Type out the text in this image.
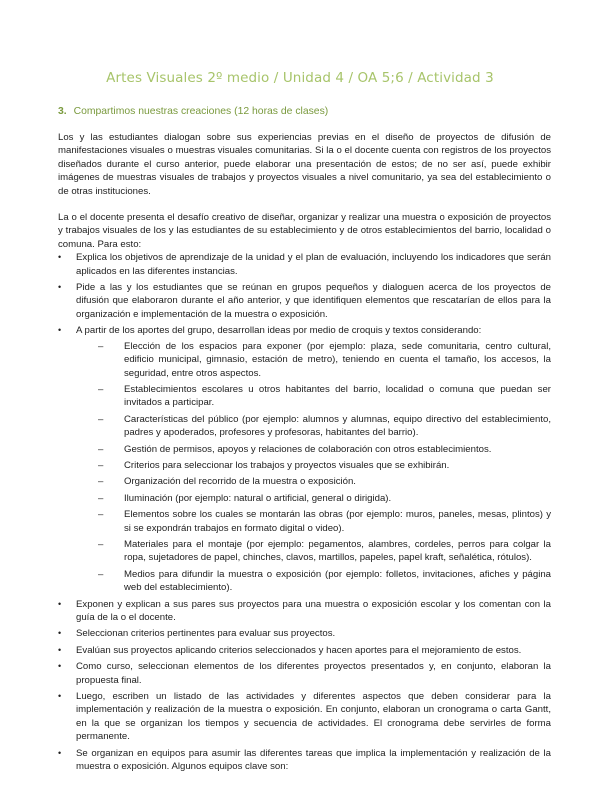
Artes Visuales 2º medio / Unidad 4 / OA 5;6 / Actividad 3
3. Compartimos nuestras creaciones (12 horas de clases)

Los y las estudiantes dialogan sobre sus experiencias previas en el diseño de proyectos de difusión de manifestaciones visuales o muestras visuales comunitarias. Si la o el docente cuenta con registros de los proyectos diseñados durante el curso anterior, puede elaborar una presentación de estos; de no ser así, puede exhibir imágenes de muestras visuales de trabajos y proyectos visuales a nivel comunitario, ya sea del establecimiento o de otras instituciones.

La o el docente presenta el desafío creativo de diseñar, organizar y realizar una muestra o exposición de proyectos y trabajos visuales de los y las estudiantes de su establecimiento y de otros establecimientos del barrio, localidad o comuna. Para esto:

• Explica los objetivos de aprendizaje de la unidad y el plan de evaluación, incluyendo los indicadores que serán aplicados en las diferentes instancias.
• Pide a las y los estudiantes que se reúnan en grupos pequeños y dialoguen acerca de los proyectos de difusión que elaboraron durante el año anterior, y que identifiquen elementos que rescatarían de ellos para la organización e implementación de la muestra o exposición.
• A partir de los aportes del grupo, desarrollan ideas por medio de croquis y textos considerando:
– Elección de los espacios para exponer (por ejemplo: plaza, sede comunitaria, centro cultural, edificio municipal, gimnasio, estación de metro), teniendo en cuenta el tamaño, los accesos, la seguridad, entre otros aspectos.
– Establecimientos escolares u otros habitantes del barrio, localidad o comuna que puedan ser invitados a participar.
– Características del público (por ejemplo: alumnos y alumnas, equipo directivo del establecimiento, padres y apoderados, profesores y profesoras, habitantes del barrio).
– Gestión de permisos, apoyos y relaciones de colaboración con otros establecimientos.
– Criterios para seleccionar los trabajos y proyectos visuales que se exhibirán.
– Organización del recorrido de la muestra o exposición.
– Iluminación (por ejemplo: natural o artificial, general o dirigida).
– Elementos sobre los cuales se montarán las obras (por ejemplo: muros, paneles, mesas, plintos) y si se expondrán trabajos en formato digital o video).
– Materiales para el montaje (por ejemplo: pegamentos, alambres, cordeles, perros para colgar la ropa, sujetadores de papel, chinches, clavos, martillos, papeles, papel kraft, señalética, rótulos).
– Medios para difundir la muestra o exposición (por ejemplo: folletos, invitaciones, afiches y página web del establecimiento).
• Exponen y explican a sus pares sus proyectos para una muestra o exposición escolar y los comentan con la guía de la o el docente.
• Seleccionan criterios pertinentes para evaluar sus proyectos.
• Evalúan sus proyectos aplicando criterios seleccionados y hacen aportes para el mejoramiento de estos.
• Como curso, seleccionan elementos de los diferentes proyectos presentados y, en conjunto, elaboran la propuesta final.
• Luego, escriben un listado de las actividades y diferentes aspectos que deben considerar para la implementación y realización de la muestra o exposición. En conjunto, elaboran un cronograma o carta Gantt, en la que se organizan los tiempos y secuencia de actividades. El cronograma debe servirles de forma permanente.
• Se organizan en equipos para asumir las diferentes tareas que implica la implementación y realización de la muestra o exposición. Algunos equipos clave son:
